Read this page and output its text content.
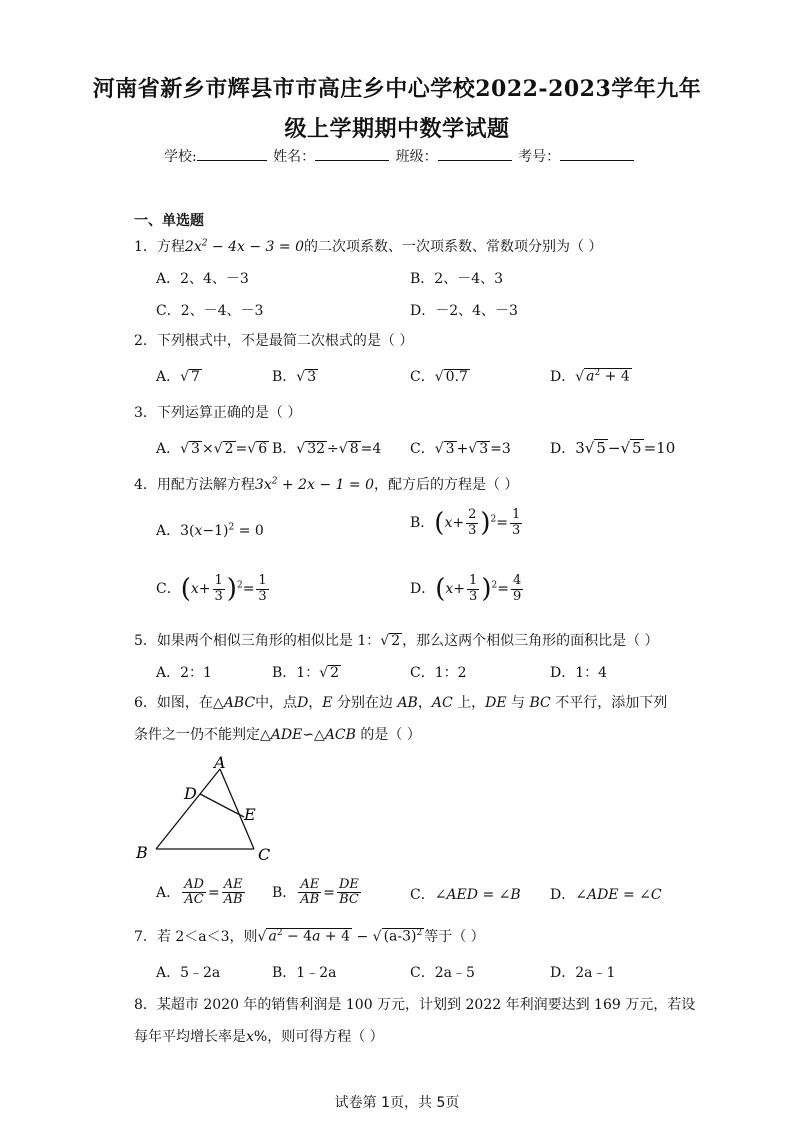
河南省新乡市辉县市市高庄乡中心学校2022-2023学年九年
级上学期期中数学试题
学校:	姓名：	班级：	考号：
一、单选题
1．方程$2x^2 - 4x - 3 = 0$的二次项系数、一次项系数、常数项分别为（ ）
A．2、4、－3	B．2、－4、3
C．2、－4、－3	D．－2、4、－3
2．下列根式中，不是最简二次根式的是（ ）
A．√ 7	B．√ 3	C．√ 0.7	D．√ $a^2 + 4$
3．下列运算正确的是（ ）
A．√ 3 ×√ 2 =√ 6 B．√ 32 ÷√ 8 =4 C．√ 3 +√ 3 =3	D．3√ 5 −√ 5 =10
4．用配方法解方程$3x^2 + 2x - 1 = 0$，配方后的方程是（ ）
A．$3(x-1)^2 = 0$	B．$(x+ \frac{2}{3} )^2= \frac{1}{3}$
C．$(x+ \frac{1}{3} )^2= \frac{1}{3}$	D．$(x+ \frac{1}{3} )^2= \frac{4}{9}$
5．如果两个相似三角形的相似比是 1：√ 2 ，那么这两个相似三角形的面积比是（ ）
A．2：1	B．1：√ 2	C．1：2	D．1：4
6．如图，在△ABC中，点D，E 分别在边 AB，AC 上，DE 与 BC 不平行，添加下列
条件之一仍不能判定△ADE∽△ACB 的是（ ）
A
D
E
B	C
A． $\frac{AD}{AC} = \frac{AE}{AB}$ B． $\frac{AE}{AB} = \frac{DE}{BC}$	C．∠AED = ∠B D．∠ADE = ∠C
7．若 2＜a＜3，则√ $a^2 - 4a + 4$ − √ $(a-3)^2$ 等于（ ）
A．5﹣2a	B．1﹣2a	C．2a﹣5	D．2a﹣1
8．某超市 2020 年的销售利润是 100 万元，计划到 2022 年利润要达到 169 万元，若设
每年平均增长率是x%，则可得方程（ ）
试卷第 1页，共 5页
